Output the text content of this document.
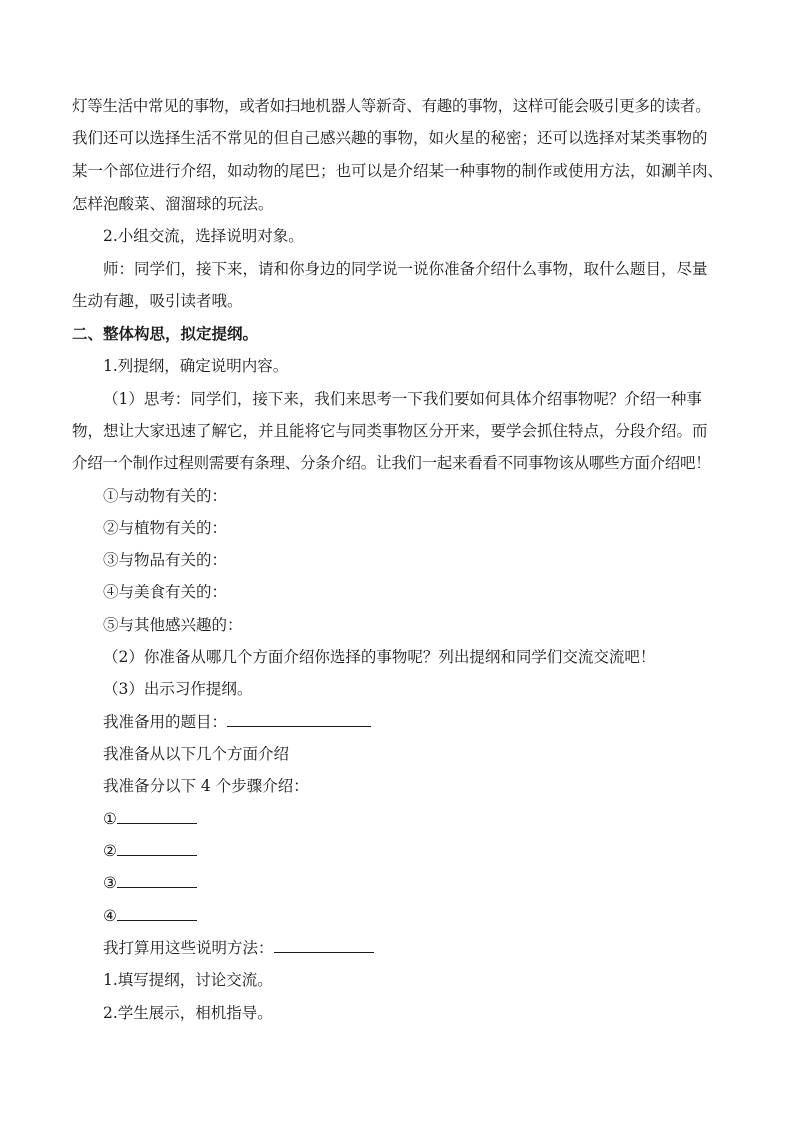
灯等生活中常见的事物，或者如扫地机器人等新奇、有趣的事物，这样可能会吸引更多的读者。
我们还可以选择生活不常见的但自己感兴趣的事物，如火星的秘密；还可以选择对某类事物的
某一个部位进行介绍，如动物的尾巴；也可以是介绍某一种事物的制作或使用方法，如涮羊肉、
怎样泡酸菜、溜溜球的玩法。
2.小组交流，选择说明对象。
师：同学们，接下来，请和你身边的同学说一说你准备介绍什么事物，取什么题目，尽量
生动有趣，吸引读者哦。
二、整体构思，拟定提纲。
1.列提纲，确定说明内容。
（1）思考：同学们，接下来，我们来思考一下我们要如何具体介绍事物呢？介绍一种事
物，想让大家迅速了解它，并且能将它与同类事物区分开来，要学会抓住特点，分段介绍。而
介绍一个制作过程则需要有条理、分条介绍。让我们一起来看看不同事物该从哪些方面介绍吧！
①与动物有关的：
②与植物有关的：
③与物品有关的：
④与美食有关的：
⑤与其他感兴趣的：
（2）你准备从哪几个方面介绍你选择的事物呢？列出提纲和同学们交流交流吧！
（3）出示习作提纲。
我准备用的题目：
我准备从以下几个方面介绍
我准备分以下 4 个步骤介绍：
①
②
③
④
我打算用这些说明方法：
1.填写提纲，讨论交流。
2.学生展示，相机指导。
